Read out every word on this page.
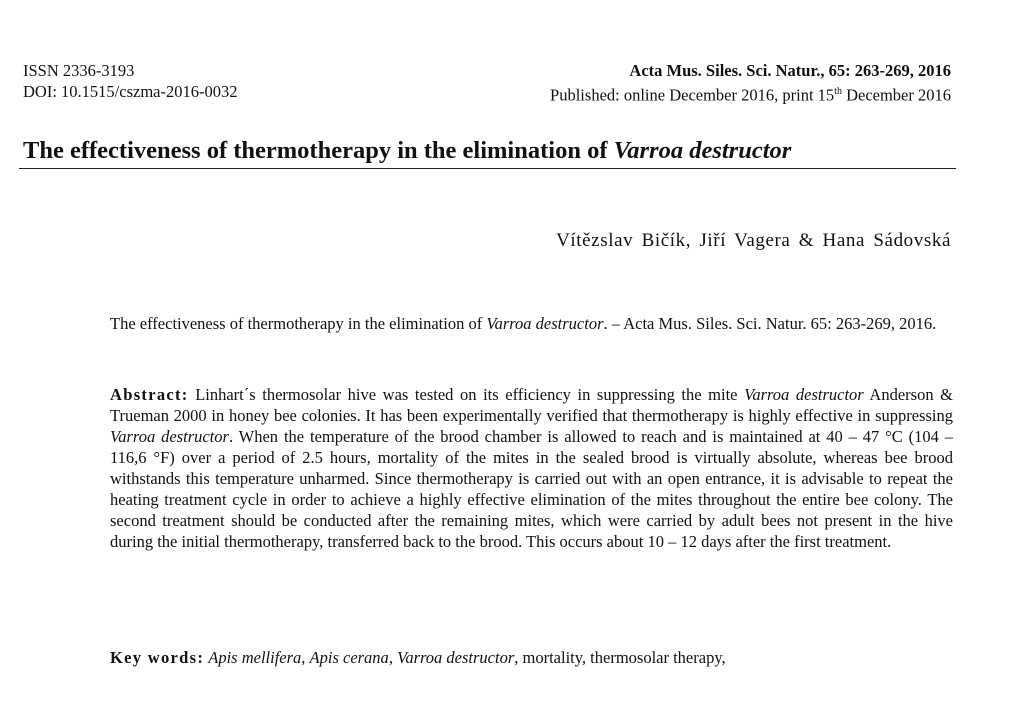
ISSN 2336-3193
DOI: 10.1515/cszma-2016-0032
Acta Mus. Siles. Sci. Natur., 65: 263-269, 2016
Published: online December 2016, print 15th December 2016
The effectiveness of thermotherapy in the elimination of Varroa destructor
Vítězslav Bičík, Jiří Vagera & Hana Sádovská
The effectiveness of thermotherapy in the elimination of Varroa destructor. – Acta Mus. Siles. Sci. Natur. 65: 263-269, 2016.
Abstract: Linhart´s thermosolar hive was tested on its efficiency in suppressing the mite Varroa destructor Anderson & Trueman 2000 in honey bee colonies. It has been experimentally verified that thermotherapy is highly effective in suppressing Varroa destructor. When the temperature of the brood chamber is allowed to reach and is maintained at 40 – 47 °C (104 – 116,6 °F) over a period of 2.5 hours, mortality of the mites in the sealed brood is virtually absolute, whereas bee brood withstands this temperature unharmed. Since thermotherapy is carried out with an open entrance, it is advisable to repeat the heating treatment cycle in order to achieve a highly effective elimination of the mites throughout the entire bee colony. The second treatment should be conducted after the remaining mites, which were carried by adult bees not present in the hive during the initial thermotherapy, transferred back to the brood. This occurs about 10 – 12 days after the first treatment.
Key words: Apis mellifera, Apis cerana, Varroa destructor, mortality, thermosolar therapy,
